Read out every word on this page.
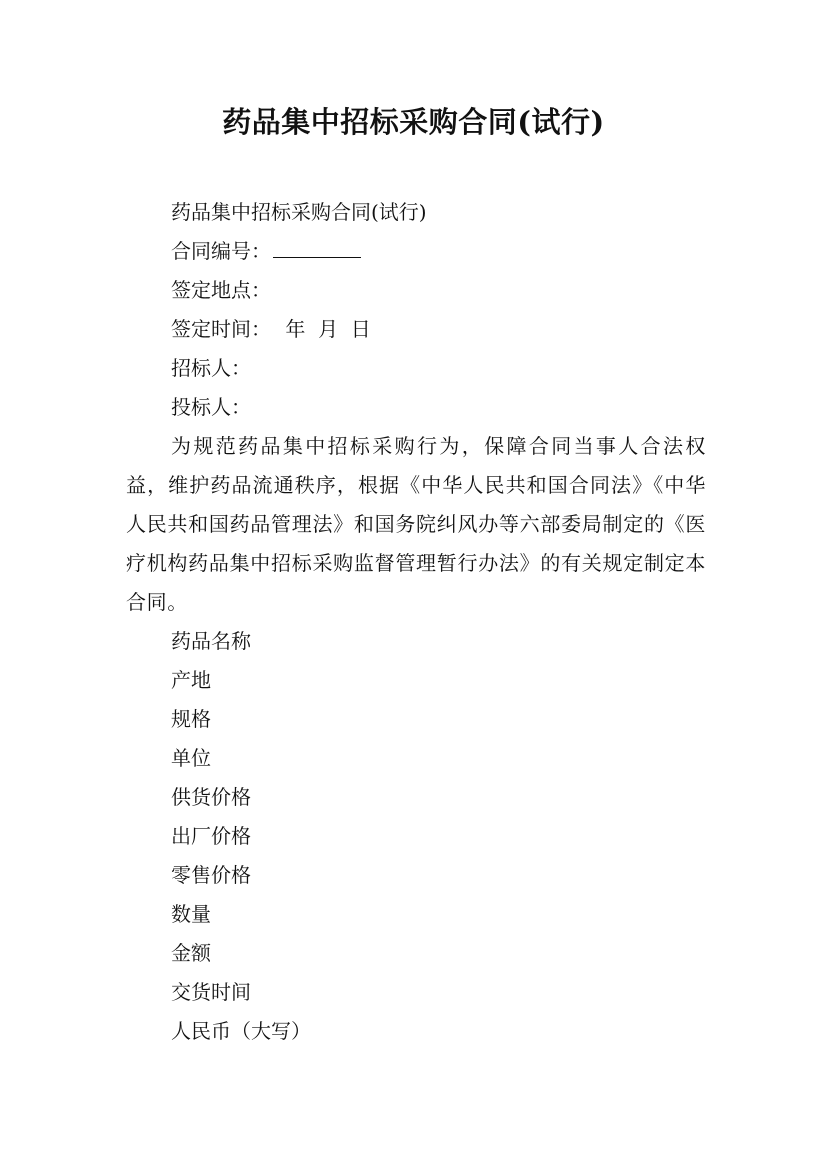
药品集中招标采购合同(试行)
药品集中招标采购合同(试行)
合同编号：
签定地点：
签定时间： 年  月  日
招标人：
投标人：
为规范药品集中招标采购行为，保障合同当事人合法权益，维护药品流通秩序，根据《中华人民共和国合同法》《中华人民共和国药品管理法》和国务院纠风办等六部委局制定的《医疗机构药品集中招标采购监督管理暂行办法》的有关规定制定本合同。
药品名称
产地
规格
单位
供货价格
出厂价格
零售价格
数量
金额
交货时间
人民币（大写）
